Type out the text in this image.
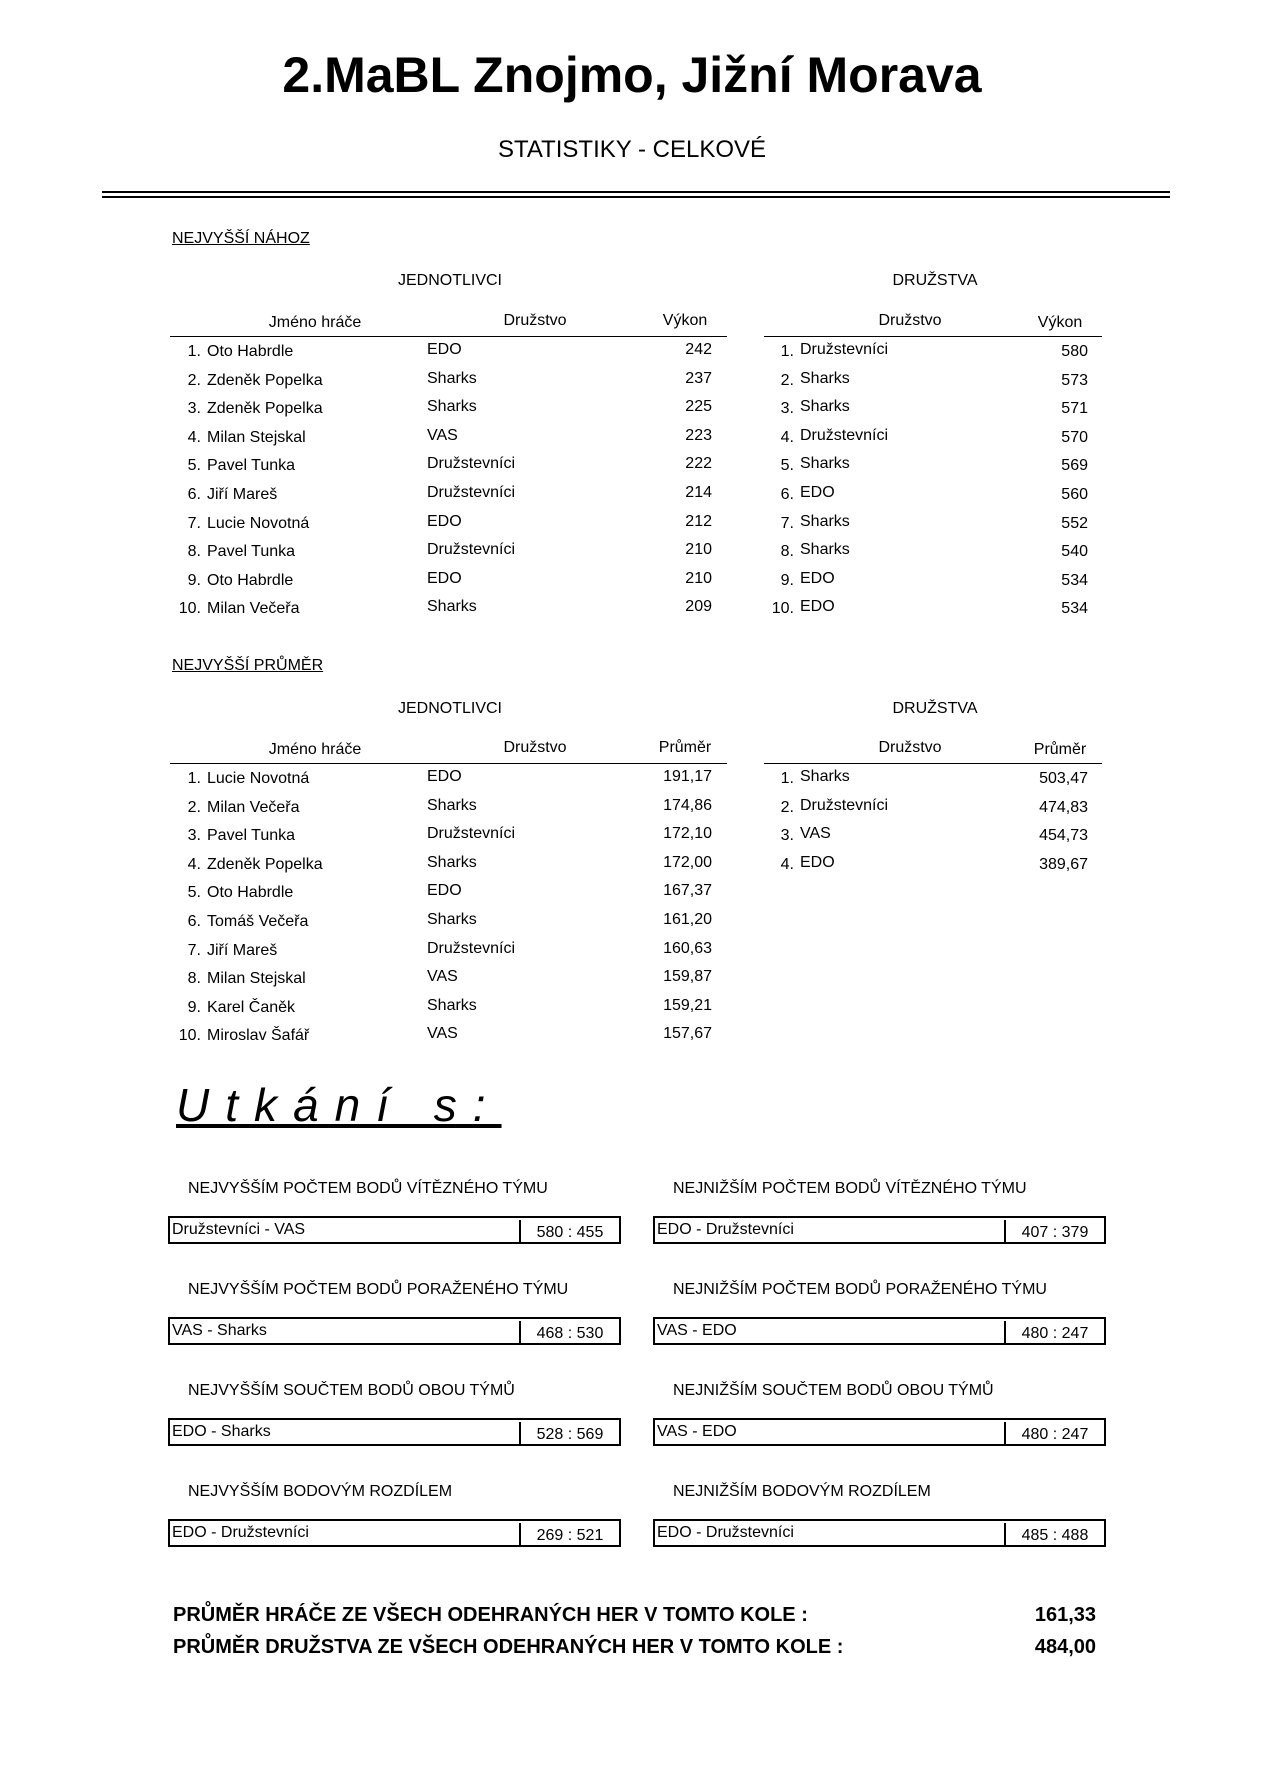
2.MaBL Znojmo, Jižní Morava
STATISTIKY - CELKOVÉ
NEJVYŠŠÍ NÁHOZ
JEDNOTLIVCI	DRUŽSTVA
Jméno hráče	Družstvo	Výkon	Družstvo	Výkon
1. Oto Habrdle	EDO	242
2. Zdeněk Popelka	Sharks	237
3. Zdeněk Popelka	Sharks	225
4. Milan Stejskal	VAS	223
5. Pavel Tunka	Družstevníci	222
6. Jiří Mareš	Družstevníci	214
7. Lucie Novotná	EDO	212
8. Pavel Tunka	Družstevníci	210
9. Oto Habrdle	EDO	210
10. Milan Večeřa	Sharks	209
1. Družstevníci	580
2. Sharks	573
3. Sharks	571
4. Družstevníci	570
5. Sharks	569
6. EDO	560
7. Sharks	552
8. Sharks	540
9. EDO	534
10. EDO	534
NEJVYŠŠÍ PRŮMĚR
JEDNOTLIVCI	DRUŽSTVA
Jméno hráče	Družstvo	Průměr	Družstvo	Průměr
1. Lucie Novotná	EDO	191,17
2. Milan Večeřa	Sharks	174,86
3. Pavel Tunka	Družstevníci	172,10
4. Zdeněk Popelka	Sharks	172,00
5. Oto Habrdle	EDO	167,37
6. Tomáš Večeřa	Sharks	161,20
7. Jiří Mareš	Družstevníci	160,63
8. Milan Stejskal	VAS	159,87
9. Karel Čaněk	Sharks	159,21
10. Miroslav Šafář	VAS	157,67
1. Sharks	503,47
2. Družstevníci	474,83
3. VAS	454,73
4. EDO	389,67
Utkání s:
NEJVYŠŠÍM POČTEM BODŮ VÍTĚZNÉHO TÝMU
Družstevníci - VAS	580 : 455
NEJNIŽŠÍM POČTEM BODŮ VÍTĚZNÉHO TÝMU
EDO - Družstevníci	407 : 379
NEJVYŠŠÍM POČTEM BODŮ PORAŽENÉHO TÝMU
VAS - Sharks	468 : 530
NEJNIŽŠÍM POČTEM BODŮ PORAŽENÉHO TÝMU
VAS - EDO	480 : 247
NEJVYŠŠÍM SOUČTEM BODŮ OBOU TÝMŮ
EDO - Sharks	528 : 569
NEJNIŽŠÍM SOUČTEM BODŮ OBOU TÝMŮ
VAS - EDO	480 : 247
NEJVYŠŠÍM BODOVÝM ROZDÍLEM
EDO - Družstevníci	269 : 521
NEJNIŽŠÍM BODOVÝM ROZDÍLEM
EDO - Družstevníci	485 : 488
PRŮMĚR HRÁČE ZE VŠECH ODEHRANÝCH HER V TOMTO KOLE :	161,33
PRŮMĚR DRUŽSTVA ZE VŠECH ODEHRANÝCH HER V TOMTO KOLE :	484,00
